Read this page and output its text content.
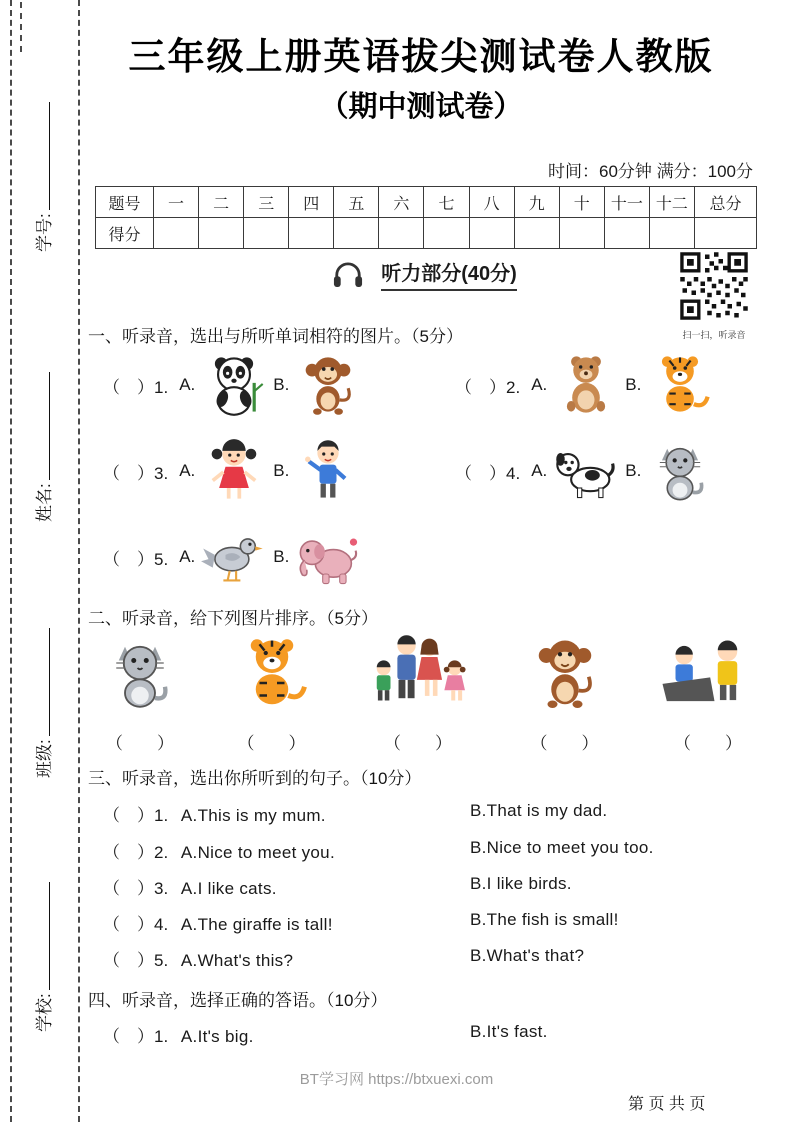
学号:
姓名:
班级:
学校:
三年级上册英语拔尖测试卷人教版
（期中测试卷）
时间：60分钟 满分：100分
题号	一	二	三	四	五	六	七	八	九	十	十一	十二	总分
得分													
听力部分(40分)
扫一扫，听录音
一、听录音，选出与所听单词相符的图片。（5分）
（　）1. A.	B.	（　）2. A.	B.
（　）3. A.	B.	（　）4. A.	B.
（　）5. A.	B.
二、听录音，给下列图片排序。（5分）
（　　）	（　　）	（　　）	（　　）	（　　）
三、听录音，选出你所听到的句子。（10分）
（　）1. A.This is my mum.	B.That is my dad.
（　）2. A.Nice to meet you.	B.Nice to meet you too.
（　）3. A.I like cats.	B.I like birds.
（　）4. A.The giraffe is tall!	B.The fish is small!
（　）5. A.What's this?	B.What's that?
四、听录音，选择正确的答语。（10分）
（　）1. A.It's big.	B.It's fast.
BT学习网 https://btxuexi.com
第 页 共 页
